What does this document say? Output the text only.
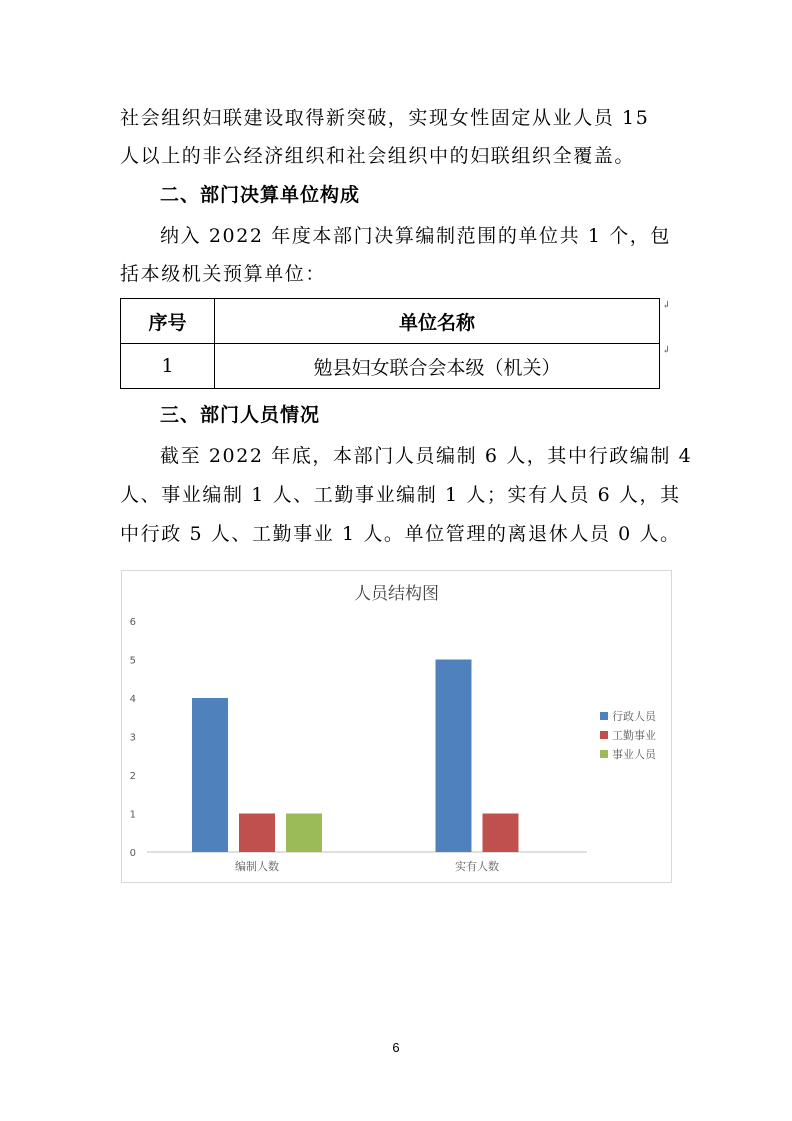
社会组织妇联建设取得新突破，实现女性固定从业人员 15
人以上的非公经济组织和社会组织中的妇联组织全覆盖。
二、部门决算单位构成
纳入 2022 年度本部门决算编制范围的单位共 1 个，包
括本级机关预算单位：
序号	单位名称
1	勉县妇女联合会本级（机关）
↲
↲
三、部门人员情况
截至 2022 年底，本部门人员编制 6 人，其中行政编制 4
人、事业编制 1 人、工勤事业编制 1 人；实有人员 6 人，其
中行政 5 人、工勤事业 1 人。单位管理的离退休人员 0 人。
人员结构图
0
1
2
3
4
5
6
编制人数	实有人数
行政人员
工勤事业
事业人员
6
